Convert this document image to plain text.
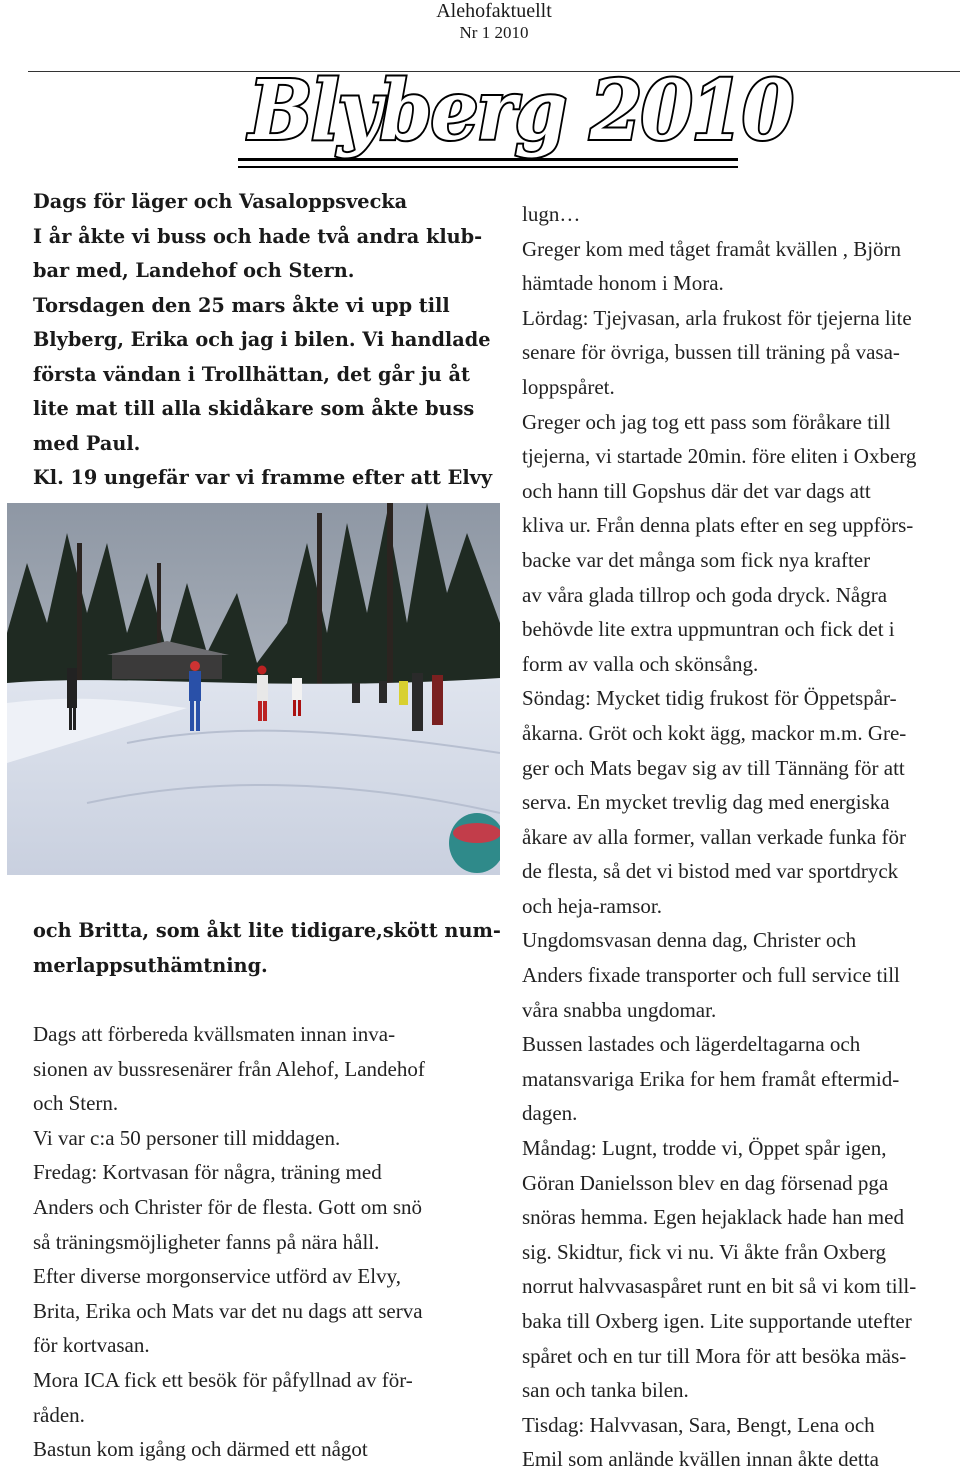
Alehofaktuellt
Nr 1 2010
Blyberg 2010
Dags för läger och Vasaloppsvecka
I år åkte vi buss och hade två andra klub-
bar med, Landehof och Stern.
Torsdagen den 25 mars åkte vi upp till
Blyberg, Erika och jag i bilen. Vi handlade
första vändan i Trollhättan, det går ju åt
lite mat till alla skidåkare som åkte buss
med Paul.
Kl. 19 ungefär var vi framme efter att Elvy
och Britta, som åkt lite tidigare,skött num-
merlappsuthämtning.
Dags att förbereda kvällsmaten innan inva-
sionen av bussresenärer från Alehof, Landehof
och Stern.
Vi var c:a 50 personer till middagen.
Fredag: Kortvasan för några, träning med
Anders och Christer för de flesta. Gott om snö
så träningsmöjligheter fanns på nära håll.
Efter diverse morgonservice utförd av Elvy,
Brita, Erika och Mats var det nu dags att serva
för kortvasan.
Mora ICA fick ett besök för påfyllnad av för-
råden.
Bastun kom igång och därmed ett något
lugn…
Greger kom med tåget framåt kvällen , Björn
hämtade honom i Mora.
Lördag: Tjejvasan, arla frukost för tjejerna lite
senare för övriga, bussen till träning på vasa-
loppspåret.
Greger och jag tog ett pass som föråkare till
tjejerna, vi startade 20min. före eliten i Oxberg
och hann till Gopshus där det var dags att
kliva ur. Från denna plats efter en seg uppförs-
backe var det många som fick nya krafter
av våra glada tillrop och goda dryck. Några
behövde lite extra uppmuntran och fick det i
form av valla och skönsång.
Söndag: Mycket tidig frukost för Öppetspår-
åkarna. Gröt och kokt ägg, mackor m.m. Gre-
ger och Mats begav sig av till Tännäng för att
serva. En mycket trevlig dag med energiska
åkare av alla former, vallan verkade funka för
de flesta, så det vi bistod med var sportdryck
och heja-ramsor.
Ungdomsvasan denna dag, Christer och
Anders fixade transporter och full service till
våra snabba ungdomar.
Bussen lastades och lägerdeltagarna och
matansvariga Erika for hem framåt eftermid-
dagen.
Måndag: Lugnt, trodde vi, Öppet spår igen,
Göran Danielsson blev en dag försenad pga
snöras hemma. Egen hejaklack hade han med
sig. Skidtur, fick vi nu. Vi åkte från Oxberg
norrut halvvasaspåret runt en bit så vi kom till-
baka till Oxberg igen. Lite supportande utefter
spåret och en tur till Mora för att besöka mäs-
san och tanka bilen.
Tisdag: Halvvasan, Sara, Bengt, Lena och
Emil som anlände kvällen innan åkte detta
